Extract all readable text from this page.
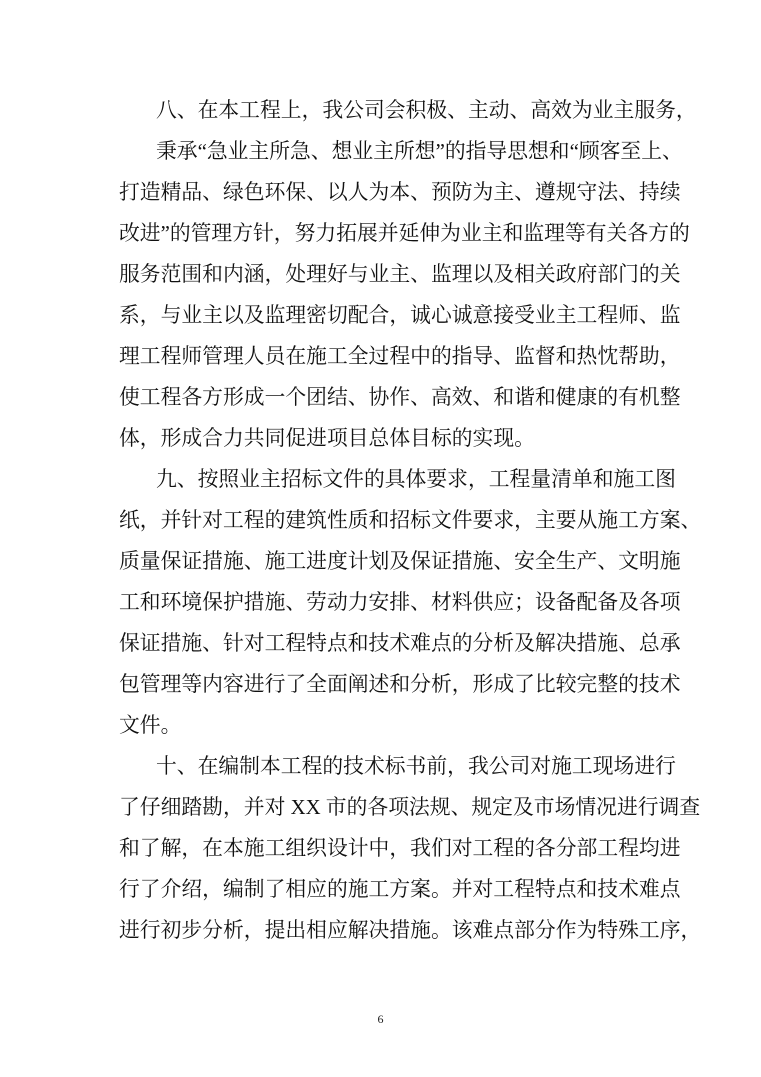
八、在本工程上，我公司会积极、主动、高效为业主服务，
秉承“急业主所急、想业主所想”的指导思想和“顾客至上、
打造精品、绿色环保、以人为本、预防为主、遵规守法、持续
改进”的管理方针，努力拓展并延伸为业主和监理等有关各方的
服务范围和内涵，处理好与业主、监理以及相关政府部门的关
系，与业主以及监理密切配合，诚心诚意接受业主工程师、监
理工程师管理人员在施工全过程中的指导、监督和热忱帮助，
使工程各方形成一个团结、协作、高效、和谐和健康的有机整
体，形成合力共同促进项目总体目标的实现。
九、按照业主招标文件的具体要求，工程量清单和施工图
纸，并针对工程的建筑性质和招标文件要求，主要从施工方案、
质量保证措施、施工进度计划及保证措施、安全生产、文明施
工和环境保护措施、劳动力安排、材料供应；设备配备及各项
保证措施、针对工程特点和技术难点的分析及解决措施、总承
包管理等内容进行了全面阐述和分析，形成了比较完整的技术
文件。
十、在编制本工程的技术标书前，我公司对施工现场进行
了仔细踏勘，并对 XX 市的各项法规、规定及市场情况进行调查
和了解，在本施工组织设计中，我们对工程的各分部工程均进
行了介绍，编制了相应的施工方案。并对工程特点和技术难点
进行初步分析，提出相应解决措施。该难点部分作为特殊工序，
6
